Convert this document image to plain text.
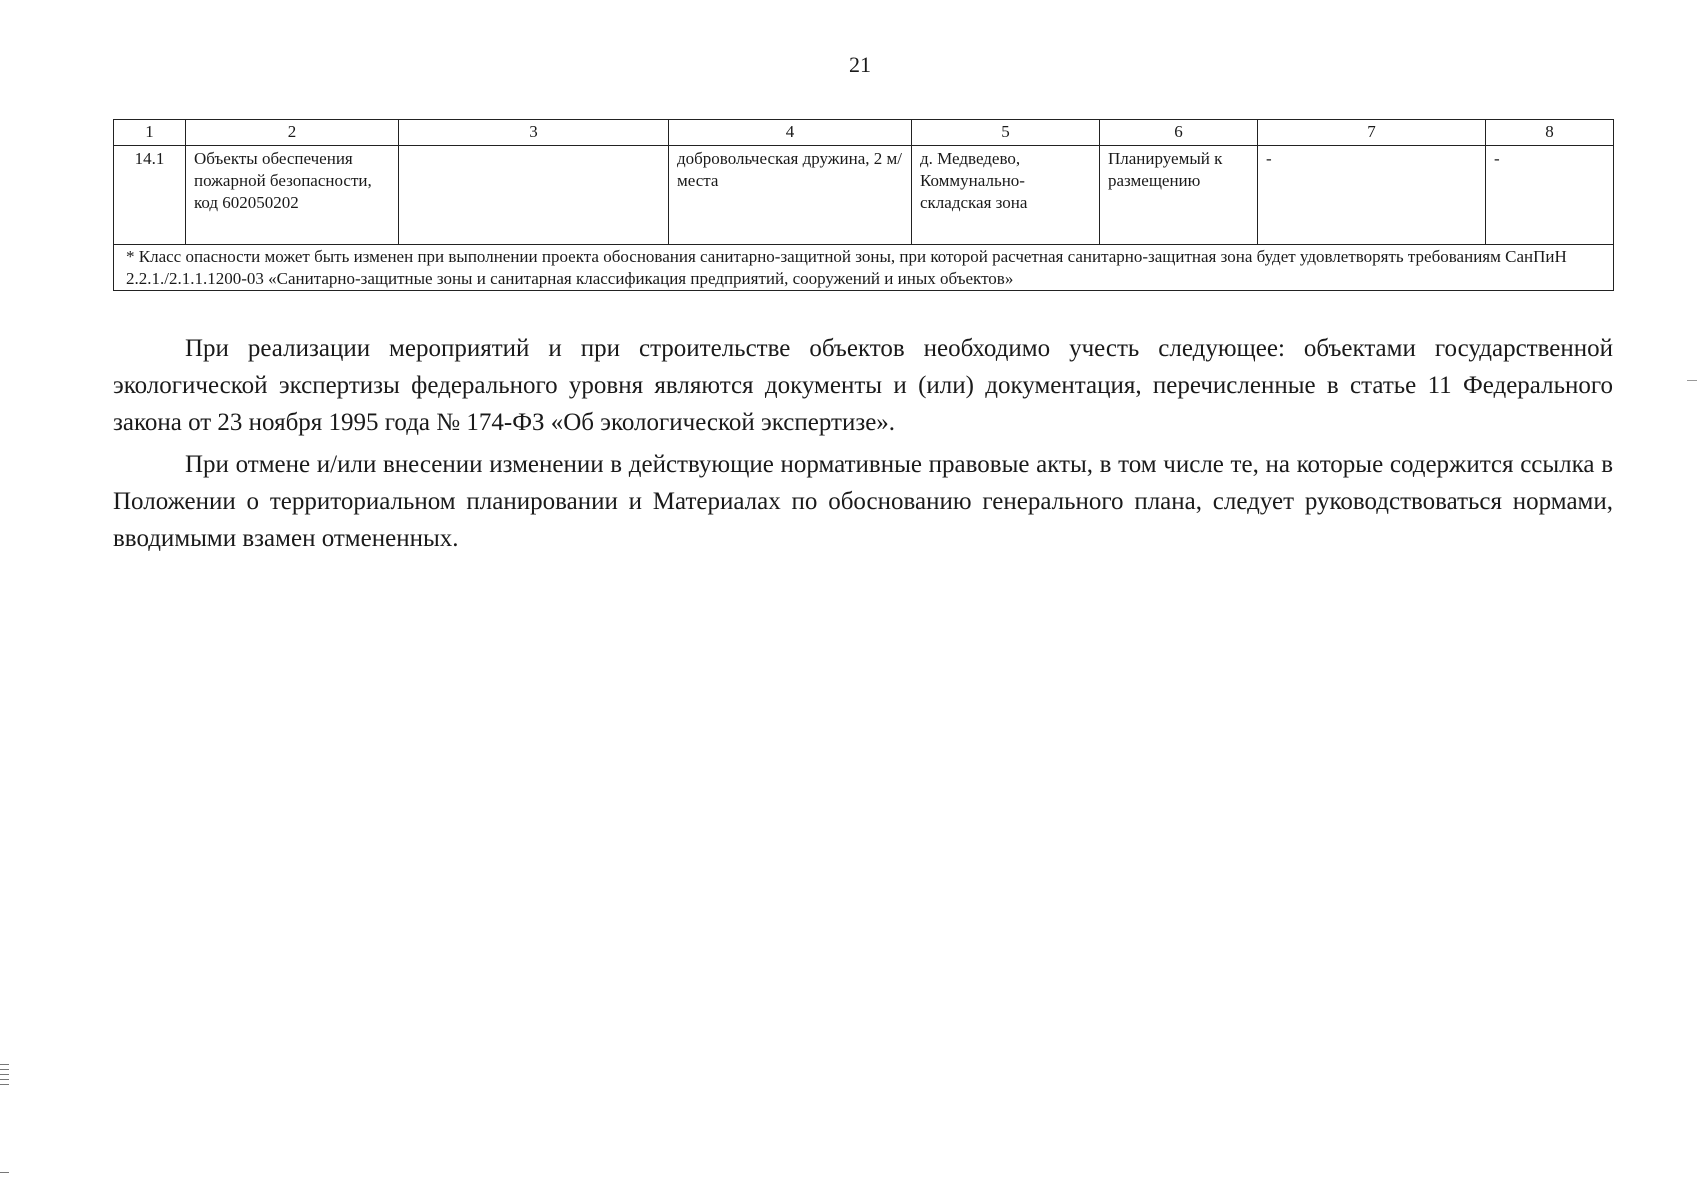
21
1	2	3	4	5	6	7	8
14.1	Объекты обеспечения пожарной безопасности, код 602050202		добровольческая дружина, 2 м/места	д. Медведево, Коммунально-складская зона	Планируемый к размещению	-	-
* Класс опасности может быть изменен при выполнении проекта обоснования санитарно-защитной зоны, при которой расчетная санитарно-защитная зона будет удовлетворять требованиям СанПиН 2.2.1./2.1.1.1200-03 «Санитарно-защитные зоны и санитарная классификация предприятий, сооружений и иных объектов»							

При реализации мероприятий и при строительстве объектов необходимо учесть следующее: объектами государственной экологической экспертизы федерального уровня являются документы и (или) документация, перечисленные в статье 11 Федерального закона от 23 ноября 1995 года № 174-ФЗ «Об экологической экспертизе».

При отмене и/или внесении изменении в действующие нормативные правовые акты, в том числе те, на которые содержится ссылка в Положении о территориальном планировании и Материалах по обоснованию генерального плана, следует руководствоваться нормами, вводимыми взамен отмененных.
